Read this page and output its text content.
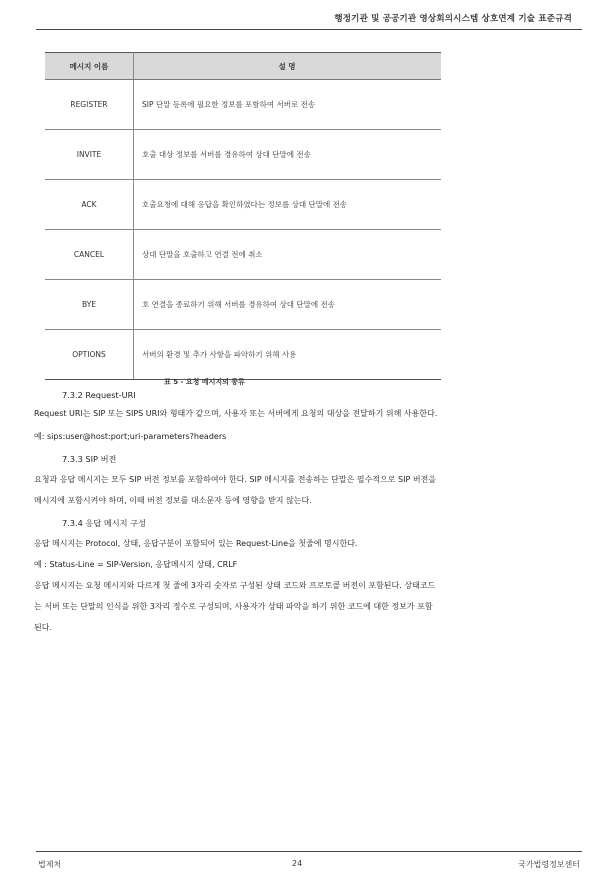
행정기관 및 공공기관 영상회의시스템 상호연계 기술 표준규격
메시지 이름	설 명
REGISTER	SIP 단말 등록에 필요한 정보를 포함하여 서버로 전송
INVITE	호출 대상 정보를 서버를 경유하여 상대 단말에 전송
ACK	호출요청에 대해 응답을 확인하였다는 정보를 상대 단말에 전송
CANCEL	상대 단말을 호출하고 연결 전에 취소
BYE	호 연결을 종료하기 위해 서버를 경유하여 상대 단말에 전송
OPTIONS	서버의 환경 및 추가 사항을 파악하기 위해 사용
표 5 - 요청 메시지의 종류
7.3.2 Request-URI
Request URI는 SIP 또는 SIPS URI와 형태가 같으며, 사용자 또는 서버에게 요청의 대상을 전달하기 위해 사용한다.
예: sips:user@host:port;uri-parameters?headers
7.3.3 SIP 버전
요청과 응답 메시지는 모두 SIP 버전 정보를 포함하여야 한다. SIP 메시지를 전송하는 단말은 필수적으로 SIP 버전을
메시지에 포함시켜야 하며, 이때 버전 정보를 대소문자 등에 영향을 받지 않는다.
7.3.4 응답 메시지 구성
응답 메시지는 Protocol, 상태, 응답구분이 포함되어 있는 Request-Line을 첫줄에 명시한다.
예 : Status-Line = SIP-Version, 응답메시지 상태, CRLF
응답 메시지는 요청 메시지와 다르게 첫 줄에 3자리 숫자로 구성된 상태 코드와 프로토콜 버전이 포함된다. 상태코드
는 서버 또는 단말의 인식을 위한 3자리 정수로 구성되며, 사용자가 상태 파악을 하기 위한 코드에 대한 정보가 포함
된다.
법제처	24	국가법령정보센터
